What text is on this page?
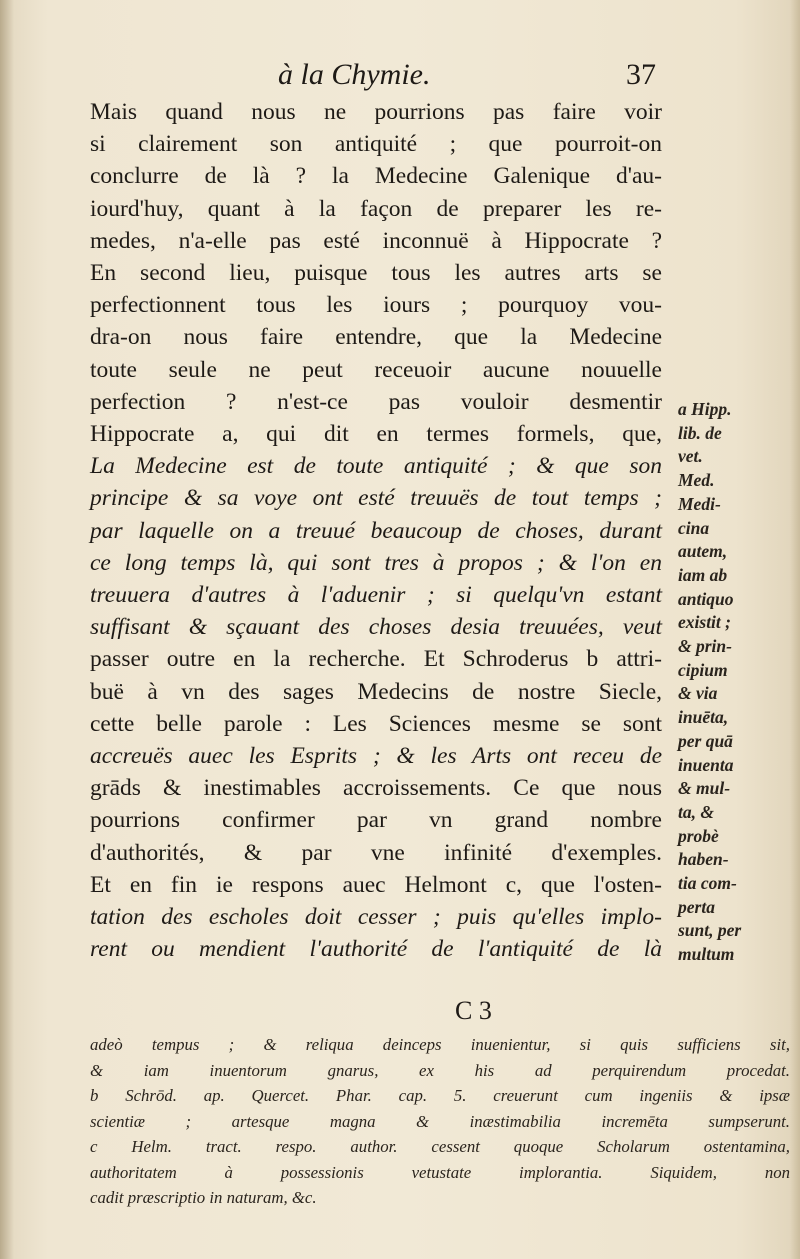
à la Chymie.	37
Mais quand nous ne pourrions pas faire voir
si clairement son antiquité ; que pourroit-on
conclurre de là ? la Medecine Galenique d'au-
iourd'huy, quant à la façon de preparer les re-
medes, n'a-elle pas esté inconnuë à Hippocrate ?
En second lieu, puisque tous les autres arts se
perfectionnent tous les iours ; pourquoy vou-
dra-on nous faire entendre, que la Medecine
toute seule ne peut receuoir aucune nouuelle
perfection ? n'est-ce pas vouloir desmentir
Hippocrate a, qui dit en termes formels, que,
La Medecine est de toute antiquité ; & que son
principe & sa voye ont esté treuuës de tout temps ;
par laquelle on a treuué beaucoup de choses, durant
ce long temps là, qui sont tres à propos ; & l'on en
treuuera d'autres à l'aduenir ; si quelqu'vn estant
suffisant & sçauant des choses desia treuuées, veut
passer outre en la recherche. Et Schroderus b attri-
buë à vn des sages Medecins de nostre Siecle,
cette belle parole : Les Sciences mesme se sont
accreuës auec les Esprits ; & les Arts ont receu de
grāds & inestimables accroissements. Ce que nous
pourrions confirmer par vn grand nombre
d'authorités, & par vne infinité d'exemples.
Et en fin ie respons auec Helmont c, que l'osten-
tation des escholes doit cesser ; puis qu'elles implo-
rent ou mendient l'authorité de l'antiquité de là
C 3
a Hipp.
lib. de
vet.
Med.
Medi-
cina
autem,
iam ab
antiquo
existit ;
& prin-
cipium
& via
inuēta,
per quā
inuenta
& mul-
ta, &
probè
haben-
tia com-
perta
sunt, per
multum
adeò tempus ; & reliqua deinceps inuenientur, si quis sufficiens sit,
& iam inuentorum gnarus, ex his ad perquirendum procedat.
b Schrōd. ap. Quercet. Phar. cap. 5. creuerunt cum ingeniis & ipsæ
scientiæ ; artesque magna & inæstimabilia incremēta sumpserunt.
c Helm. tract. respo. author. cessent quoque Scholarum ostentamina,
authoritatem à possessionis vetustate implorantia. Siquidem, non
cadit præscriptio in naturam, &c.
